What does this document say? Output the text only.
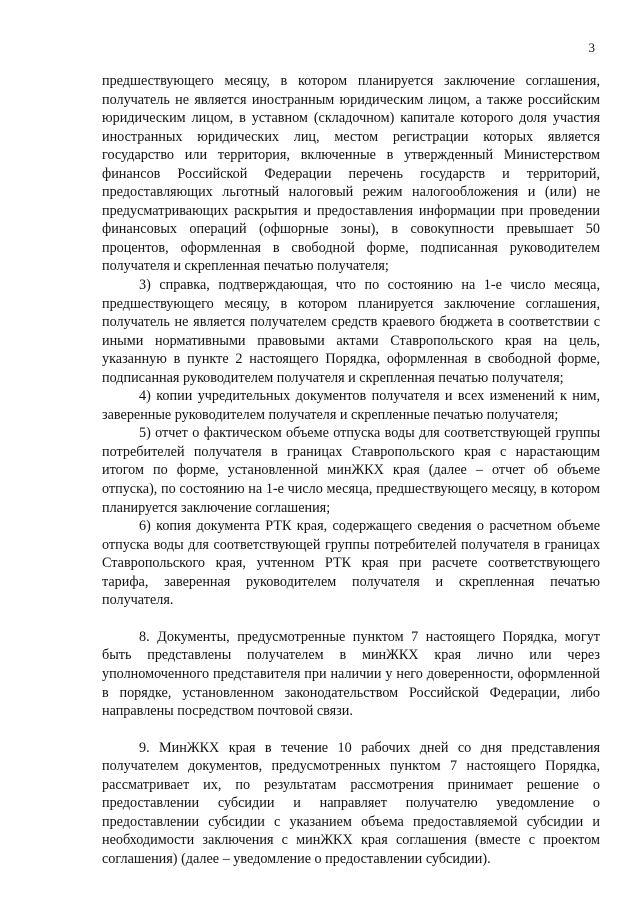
3

предшествующего месяцу, в котором планируется заключение соглашения, получатель не является иностранным юридическим лицом, а также российским юридическим лицом, в уставном (складочном) капитале которого доля участия иностранных юридических лиц, местом регистрации которых является государство или территория, включенные в утвержденный Министерством финансов Российской Федерации перечень государств и территорий, предоставляющих льготный налоговый режим налогообложения и (или) не предусматривающих раскрытия и предоставления информации при проведении финансовых операций (офшорные зоны), в совокупности превышает 50 процентов, оформленная в свободной форме, подписанная руководителем получателя и скрепленная печатью получателя;

3) справка, подтверждающая, что по состоянию на 1-е число месяца, предшествующего месяцу, в котором планируется заключение соглашения, получатель не является получателем средств краевого бюджета в соответствии с иными нормативными правовыми актами Ставропольского края на цель, указанную в пункте 2 настоящего Порядка, оформленная в свободной форме, подписанная руководителем получателя и скрепленная печатью получателя;

4) копии учредительных документов получателя и всех изменений к ним, заверенные руководителем получателя и скрепленные печатью получателя;

5) отчет о фактическом объеме отпуска воды для соответствующей группы потребителей получателя в границах Ставропольского края с нарастающим итогом по форме, установленной минЖКХ края (далее – отчет об объеме отпуска), по состоянию на 1-е число месяца, предшествующего месяцу, в котором планируется заключение соглашения;

6) копия документа РТК края, содержащего сведения о расчетном объеме отпуска воды для соответствующей группы потребителей получателя в границах Ставропольского края, учтенном РТК края при расчете соответствующего тарифа, заверенная руководителем получателя и скрепленная печатью получателя.

8. Документы, предусмотренные пунктом 7 настоящего Порядка, могут быть представлены получателем в минЖКХ края лично или через уполномоченного представителя при наличии у него доверенности, оформленной в порядке, установленном законодательством Российской Федерации, либо направлены посредством почтовой связи.

9. МинЖКХ края в течение 10 рабочих дней со дня представления получателем документов, предусмотренных пунктом 7 настоящего Порядка, рассматривает их, по результатам рассмотрения принимает решение о предоставлении субсидии и направляет получателю уведомление о предоставлении субсидии с указанием объема предоставляемой субсидии и необходимости заключения с минЖКХ края соглашения (вместе с проектом соглашения) (далее – уведомление о предоставлении субсидии).
